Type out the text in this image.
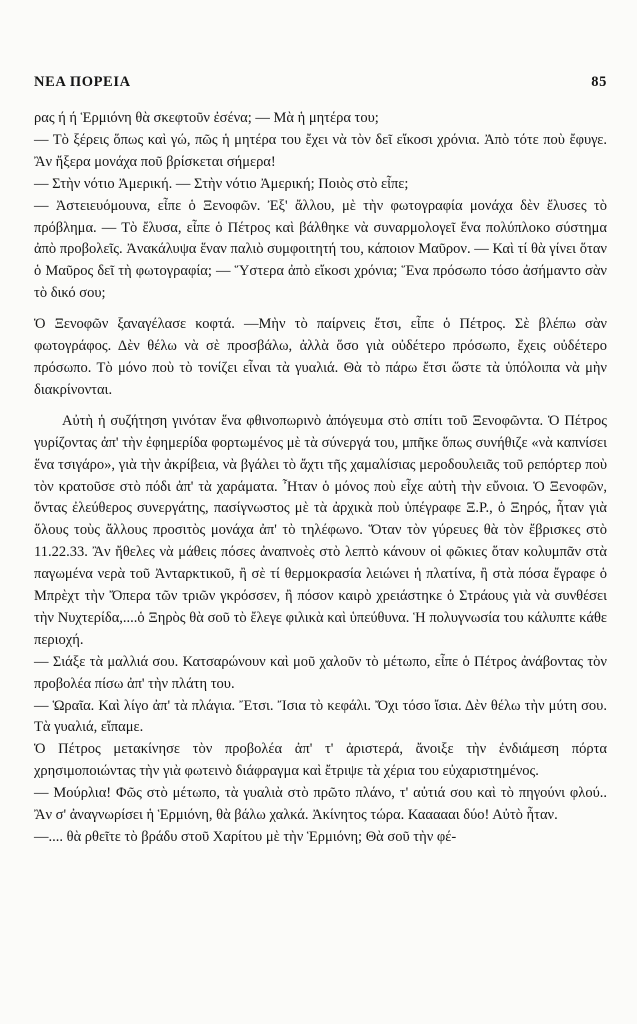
ΝΕΑ ΠΟΡΕΙΑ	85

ρας ή ή Ἑρμιόνη θὰ σκεφτοῦν ἐσένα; — Μὰ ἡ μητέρα του;

— Τὸ ξέρεις ὅπως καὶ γώ, πῶς ἡ μητέρα του ἔχει νὰ τὸν δεῖ εἴκοσι χρόνια. Ἀπὸ τότε ποὺ ἔφυγε. Ἂν ἤξερα μονάχα ποῦ βρίσκεται σήμερα!

— Στὴν νότιο Ἀμερική. — Στὴν νότιο Ἀμερική; Ποιὸς στὸ εἶπε;

— Ἀστειευόμουνα, εἶπε ὁ Ξενοφῶν. Ἐξ' ἄλλου, μὲ τὴν φωτογραφία μονάχα δὲν ἔλυσες τὸ πρόβλημα. — Τὸ ἔλυσα, εἶπε ὁ Πέτρος καὶ βάλθηκε νὰ συναρμολογεῖ ἕνα πολύπλοκο σύστημα ἀπὸ προβολεῖς. Ἀνακάλυψα ἕναν παλιὸ συμφοιτητή του, κάποιον Μαῦρον. — Καὶ τί θὰ γίνει ὅταν ὁ Μαῦρος δεῖ τὴ φωτογραφία; — Ὕστερα ἀπὸ εἴκοσι χρόνια; Ἕνα πρόσωπο τόσο ἀσήμαντο σὰν τὸ δικό σου;

Ὁ Ξενοφῶν ξαναγέλασε κοφτά. —Μὴν τὸ παίρνεις ἔτσι, εἶπε ὁ Πέτρος. Σὲ βλέπω σὰν φωτογράφος. Δὲν θέλω νὰ σὲ προσβάλω, ἀλλὰ ὅσο γιὰ οὐδέτερο πρόσωπο, ἔχεις οὐδέτερο πρόσωπο. Τὸ μόνο ποὺ τὸ τονίζει εἶναι τὰ γυαλιά. Θὰ τὸ πάρω ἔτσι ὥστε τὰ ὑπόλοιπα νὰ μὴν διακρίνονται.

Αὐτὴ ἡ συζήτηση γινόταν ἕνα φθινοπωρινὸ ἀπόγευμα στὸ σπίτι τοῦ Ξενοφῶντα. Ὁ Πέτρος γυρίζοντας ἀπ' τὴν ἐφημερίδα φορτωμένος μὲ τὰ σύνεργά του, μπῆκε ὅπως συνήθιζε «νὰ καπνίσει ἕνα τσιγάρο», γιὰ τὴν ἀκρίβεια, νὰ βγάλει τὸ ἄχτι τῆς χαμαλίσιας μεροδουλειᾶς τοῦ ρεπόρτερ ποὺ τὸν κρατοῦσε στὸ πόδι ἀπ' τὰ χαράματα. Ἦταν ὁ μόνος ποὺ εἶχε αὐτὴ τὴν εὔνοια. Ὁ Ξενοφῶν, ὄντας ἐλεύθερος συνεργάτης, πασίγνωστος μὲ τὰ ἀρχικὰ ποὺ ὑπέγραφε Ξ.Ρ., ὁ Ξηρός, ἦταν γιὰ ὅλους τοὺς ἄλλους προσιτὸς μονάχα ἀπ' τὸ τηλέφωνο. Ὅταν τὸν γύρευες θὰ τὸν ἔβρισκες στὸ 11.22.33. Ἂν ἤθελες νὰ μάθεις πόσες ἀναπνοὲς στὸ λεπτὸ κάνουν οἱ φῶκιες ὅταν κολυμπᾶν στὰ παγωμένα νερὰ τοῦ Ἀνταρκτικοῦ, ἢ σὲ τί θερμοκρασία λειώνει ἡ πλατίνα, ἢ στὰ πόσα ἔγραφε ὁ Μπρὲχτ τὴν Ὄπερα τῶν τριῶν γκρόσσεν, ἢ πόσον καιρὸ χρειάστηκε ὁ Στράους γιὰ νὰ συνθέσει τὴν Νυχτερίδα,....ὁ Ξηρὸς θὰ σοῦ τὸ ἔλεγε φιλικὰ καὶ ὑπεύθυνα. Ἡ πολυγνωσία του κάλυπτε κάθε περιοχή.

— Σιάξε τὰ μαλλιά σου. Κατσαρώνουν καὶ μοῦ χαλοῦν τὸ μέτωπο, εἶπε ὁ Πέτρος ἀνάβοντας τὸν προβολέα πίσω ἀπ' τὴν πλάτη του.

— Ὡραῖα. Καὶ λίγο ἀπ' τὰ πλάγια. Ἔτσι. Ἴσια τὸ κεφάλι. Ὄχι τόσο ἴσια. Δὲν θέλω τὴν μύτη σου. Τὰ γυαλιά, εἴπαμε.

Ὁ Πέτρος μετακίνησε τὸν προβολέα ἀπ' τ' ἀριστερά, ἄνοιξε τὴν ἐνδιάμεση πόρτα χρησιμοποιώντας τὴν γιὰ φωτεινὸ διάφραγμα καὶ ἔτριψε τὰ χέρια του εὐχαριστημένος.

— Μούρλια! Φῶς στὸ μέτωπο, τὰ γυαλιὰ στὸ πρῶτο πλάνο, τ' αὐτιά σου καὶ τὸ πηγούνι φλού.. Ἂν σ' ἀναγνωρίσει ἡ Ἑρμιόνη, θὰ βάλω χαλκά. Ἀκίνητος τώρα. Καααααι δύο! Αὐτὸ ἦταν.

—.... θὰ ρθεῖτε τὸ βράδυ στοῦ Χαρίτου μὲ τὴν Ἑρμιόνη; Θὰ σοῦ τὴν φέ-
